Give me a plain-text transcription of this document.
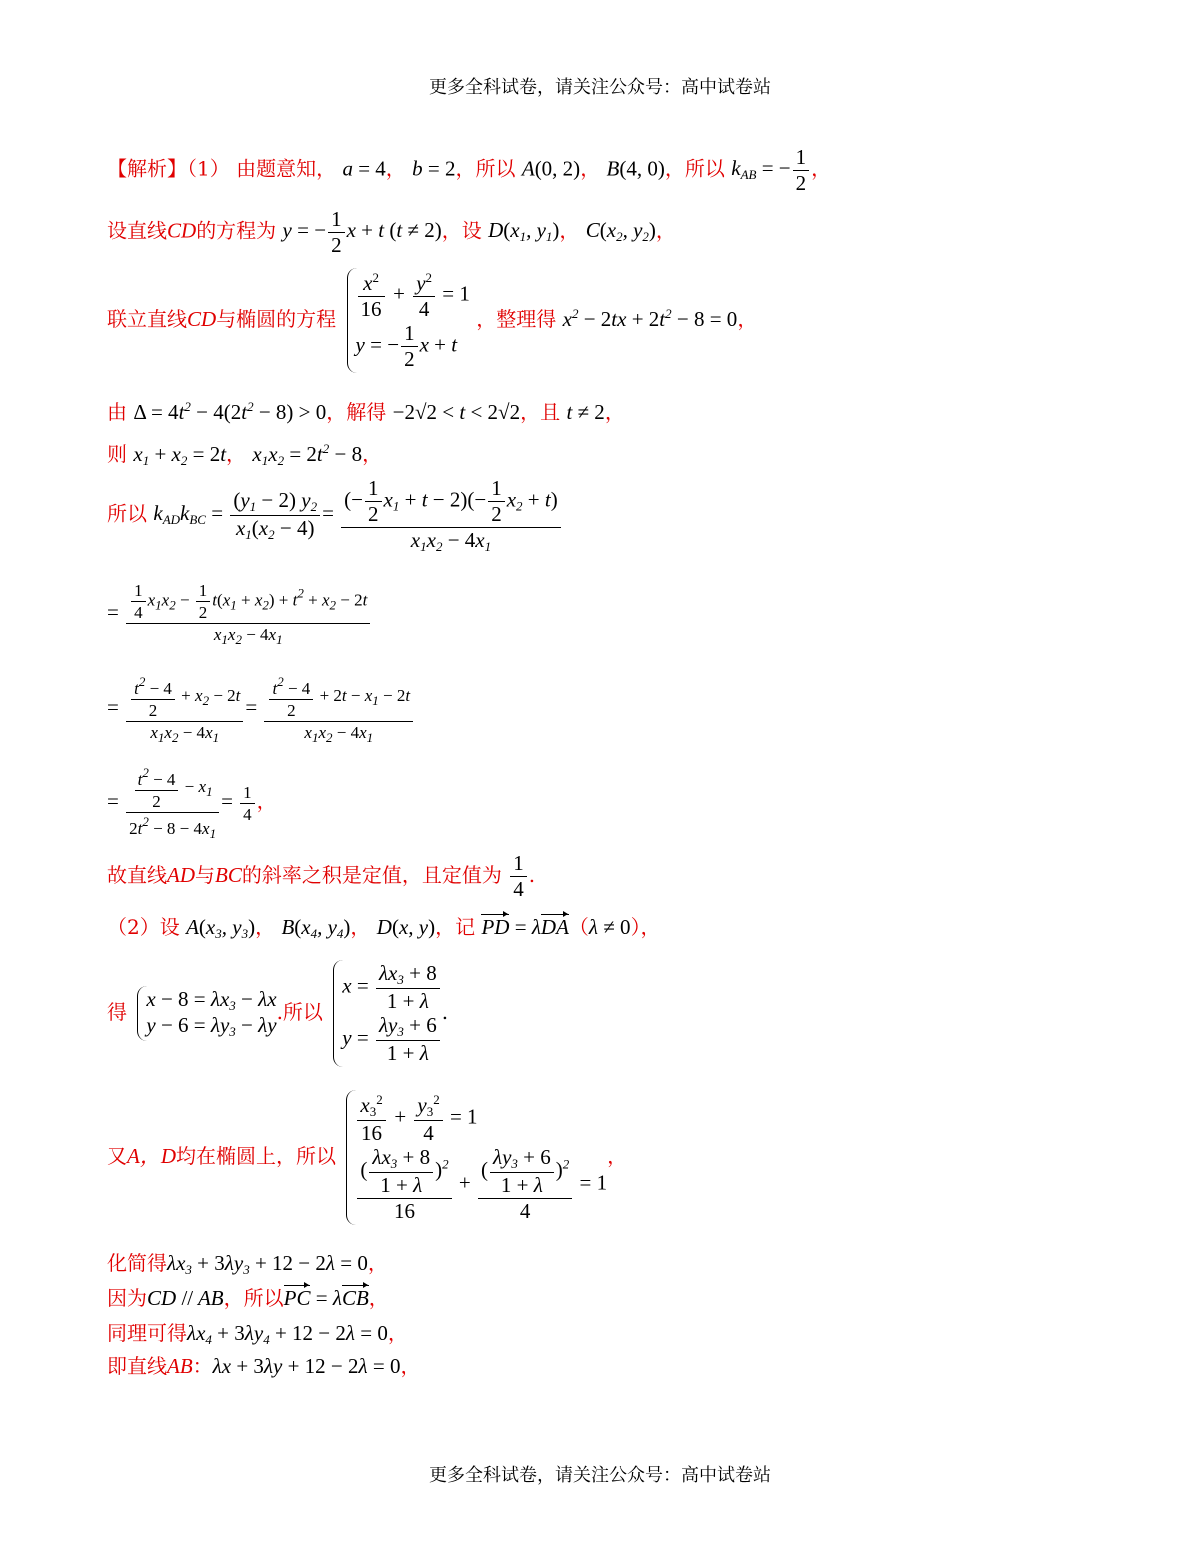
更多全科试卷，请关注公众号：高中试卷站
【解析】（1） 由题意知， a = 4， b = 2，所以 A(0, 2)， B(4, 0)，所以 $k_{AB}$ = − $\frac{1}{2}$ ，
设直线CD的方程为 y = − $\frac{1}{2}$ x + t (t ≠ 2)，设 $D(x_1$, $y_1$)， $C(x_2$, $y_2$)，
联立直线CD与椭圆的方程 $\frac{x^2}{16} + \frac{y^2}{4} = 1$
y = − $\frac{1}{2}$ x + t
，整理得 $x^2 - 2tx + 2t^2 - 8 = 0$，
由 $\Delta = 4t^2 - 4(2t^2 - 8) > 0$，解得 −2√2 < t < 2√2，且 t ≠ 2，
则 $x_1 + x_2 = 2t$， $x_1x_2 = 2t^2 - 8$，
所以 $k_{AD}k_{BC} = \frac{(y_1 - 2) y_2}{x_1(x_2 - 4)} = \frac{(- \frac{1}{2} x_1 + t - 2)(- \frac{1}{2} x_2 + t)}{x_1x_2 - 4x_1}$
= $\frac{\frac{1}{4} x_1x_2 - \frac{1}{2} t(x_1 + x_2) + t^2 + x_2 - 2t}{x_1x_2 - 4x_1}$
= $\frac{\frac{t^2 - 4}{2} + x_2 - 2t}{x_1x_2 - 4x_1} = \frac{\frac{t^2 - 4}{2} + 2t - x_1 - 2t}{x_1x_2 - 4x_1}$
= $\frac{\frac{t^2 - 4}{2} - x_1}{2t^2 - 8 - 4x_1} = \frac{1}{4}$ ，
故直线AD与BC的斜率之积是定值，且定值为 $\frac{1}{4}$ .
（2）设 $A(x_3$, $y_3$)， $B(x_4$, $y_4$)， D(x, y)，记 PD = λDA（λ ≠ 0），
得
$x - 8 = \lambda x_3 - \lambda x$
$y - 6 = \lambda y_3 - \lambda y$
.所以
$x = \frac{\lambda x_3 + 8}{1 + \lambda}$
$y = \frac{\lambda y_3 + 6}{1 + \lambda}$
.
又A，D均在椭圆上，所以
$\frac{x_3^2}{16} + \frac{y_3^2}{4} = 1$
$\frac{( \frac{\lambda x_3 + 8}{1 + \lambda} )^2}{16} + \frac{( \frac{\lambda y_3 + 6}{1 + \lambda} )^2}{4} = 1$
，
化简得$\lambda x_3 + 3\lambda y_3 + 12 - 2\lambda = 0$，
因为CD // AB，所以PC = λCB，
同理可得$\lambda x_4 + 3\lambda y_4 + 12 - 2\lambda = 0$，
即直线AB：λx + 3λy + 12 − 2λ = 0，
更多全科试卷，请关注公众号：高中试卷站
